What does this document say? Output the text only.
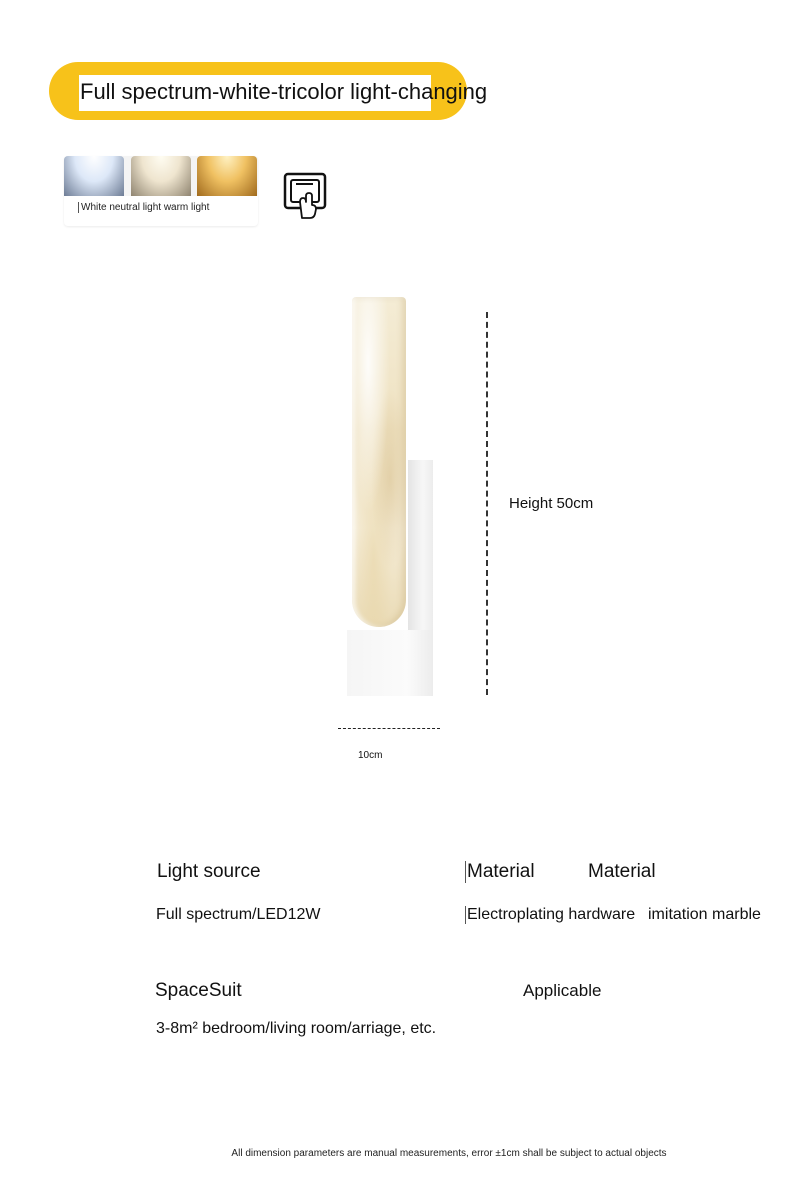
Full spectrum-white-tricolor light-changing
White neutral light warm light
Height 50cm
10cm
Light source
Full spectrum/LED12W
Material	Material
Electroplating hardware imitation marble
SpaceSuit	Applicable
3-8m² bedroom/living room/arriage, etc.
All dimension parameters are manual measurements, error ±1cm shall be subject to actual objects
